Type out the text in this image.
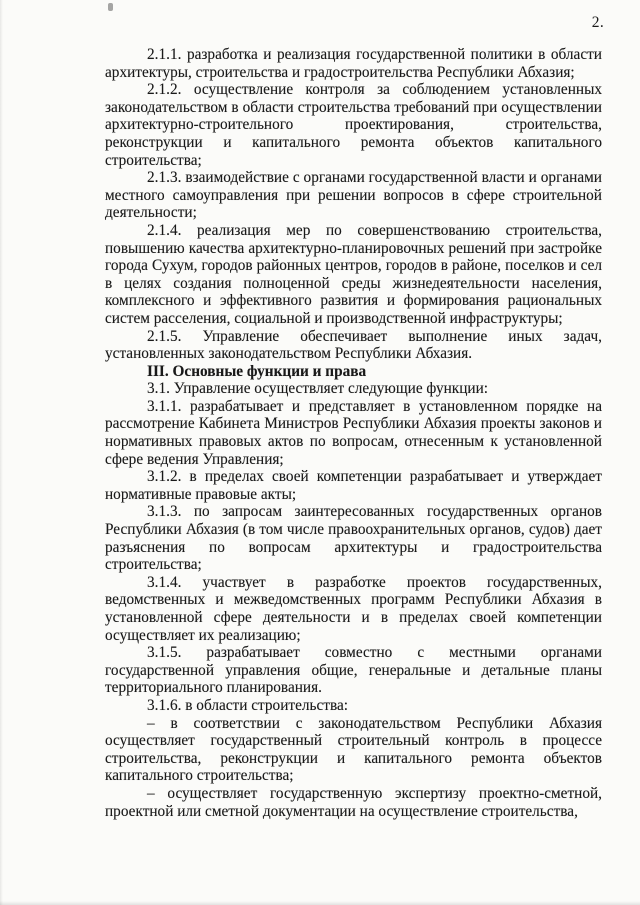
2.

2.1.1. разработка и реализация государственной политики в области архитектуры, строительства и градостроительства Республики Абхазия;

2.1.2. осуществление контроля за соблюдением установленных законодательством в области строительства требований при осуществлении архитектурно-строительного проектирования, строительства, реконструкции и капитального ремонта объектов капитального строительства;

2.1.3. взаимодействие с органами государственной власти и органами местного самоуправления при решении вопросов в сфере строительной деятельности;

2.1.4. реализация мер по совершенствованию строительства, повышению качества архитектурно-планировочных решений при застройке города Сухум, городов районных центров, городов в районе, поселков и сел в целях создания полноценной среды жизнедеятельности населения, комплексного и эффективного развития и формирования рациональных систем расселения, социальной и производственной инфраструктуры;

2.1.5. Управление обеспечивает выполнение иных задач, установленных законодательством Республики Абхазия.

III. Основные функции и права

3.1. Управление осуществляет следующие функции:

3.1.1. разрабатывает и представляет в установленном порядке на рассмотрение Кабинета Министров Республики Абхазия проекты законов и нормативных правовых актов по вопросам, отнесенным к установленной сфере ведения Управления;

3.1.2. в пределах своей компетенции разрабатывает и утверждает нормативные правовые акты;

3.1.3. по запросам заинтересованных государственных органов Республики Абхазия (в том числе правоохранительных органов, судов) дает разъяснения по вопросам архитектуры и градостроительства строительства;

3.1.4. участвует в разработке проектов государственных, ведомственных и межведомственных программ Республики Абхазия в установленной сфере деятельности и в пределах своей компетенции осуществляет их реализацию;

3.1.5. разрабатывает совместно с местными органами государственной управления общие, генеральные и детальные планы территориального планирования.

3.1.6. в области строительства:

– в соответствии с законодательством Республики Абхазия осуществляет государственный строительный контроль в процессе строительства, реконструкции и капитального ремонта объектов капитального строительства;

– осуществляет государственную экспертизу проектно-сметной, проектной или сметной документации на осуществление строительства,
